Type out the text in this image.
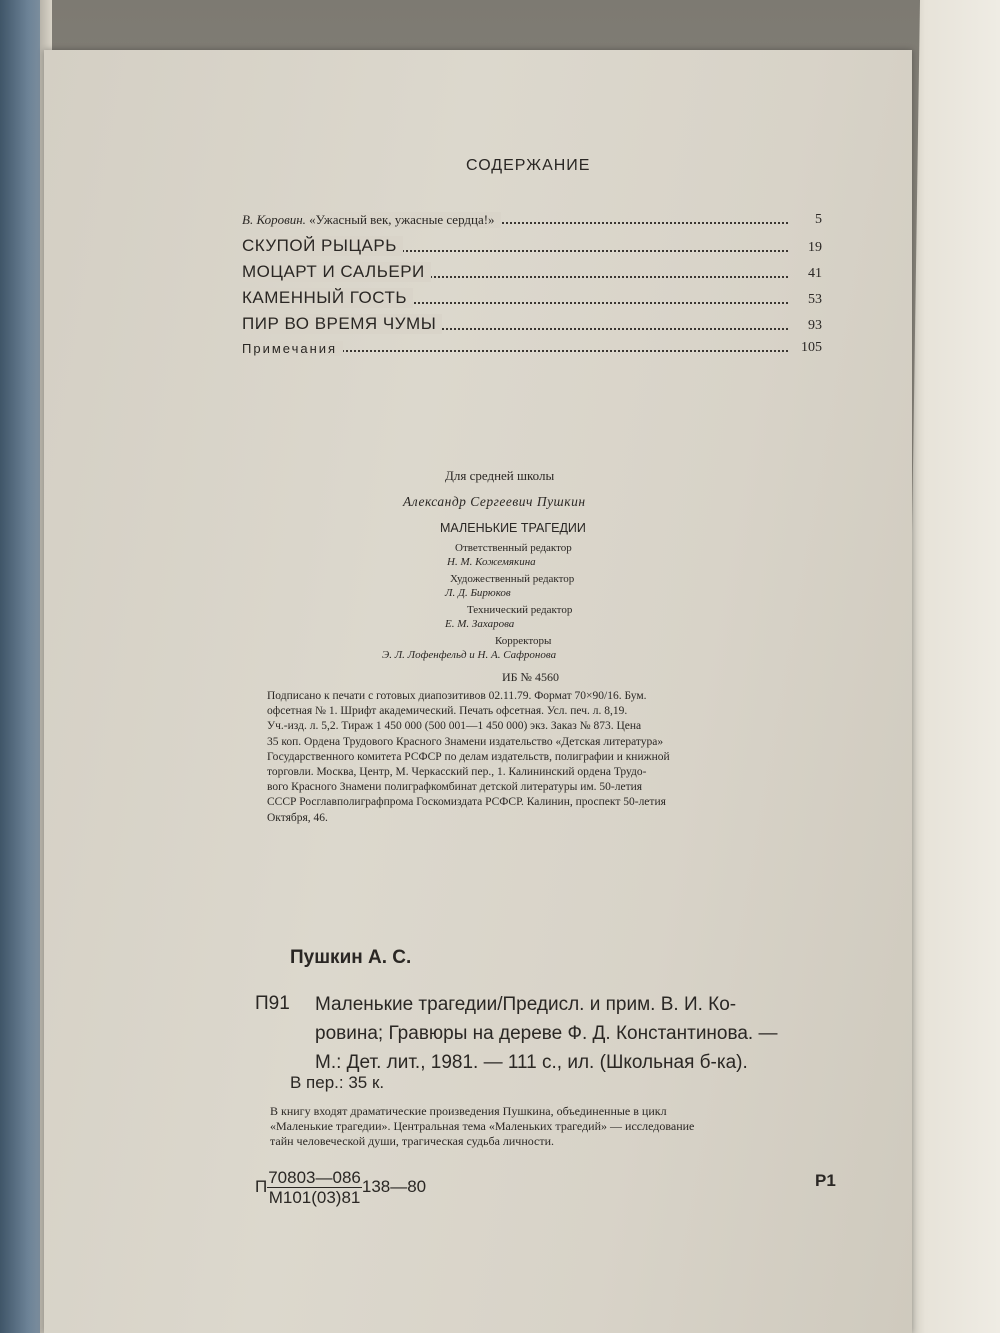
СОДЕРЖАНИЕ
В. Коровин. «Ужасный век, ужасные сердца!»	5
СКУПОЙ РЫЦАРЬ	19
МОЦАРТ И САЛЬЕРИ	41
КАМЕННЫЙ ГОСТЬ	53
ПИР ВО ВРЕМЯ ЧУМЫ	93
Примечания	105
Для средней школы
Александр Сергеевич Пушкин
МАЛЕНЬКИЕ ТРАГЕДИИ
Ответственный редактор
Н. М. Кожемякина
Художественный редактор
Л. Д. Бирюков
Технический редактор
Е. М. Захарова
Корректоры
Э. Л. Лофенфельд и Н. А. Сафронова
ИБ № 4560
Подписано к печати с готовых диапозитивов 02.11.79. Формат 70×90/16. Бум.
офсетная № 1. Шрифт академический. Печать офсетная. Усл. печ. л. 8,19.
Уч.-изд. л. 5,2. Тираж 1 450 000 (500 001—1 450 000) экз. Заказ № 873. Цена
35 коп. Ордена Трудового Красного Знамени издательство «Детская литература»
Государственного комитета РСФСР по делам издательств, полиграфии и книжной
торговли. Москва, Центр, М. Черкасский пер., 1. Калининский ордена Трудо-
вого Красного Знамени полиграфкомбинат детской литературы им. 50-летия
СССР Росглавполиграфпрома Госкомиздата РСФСР. Калинин, проспект 50-летия
Октября, 46.
Пушкин А. С.
П91 Маленькие трагедии/Предисл. и прим. В. И. Ко-
ровина; Гравюры на дереве Ф. Д. Константинова. —
М.: Дет. лит., 1981. — 111 с., ил. (Школьная б-ка).
В пер.: 35 к.
В книгу входят драматические произведения Пушкина, объединенные в цикл
«Маленькие трагедии». Центральная тема «Маленьких трагедий» — исследование
тайн человеческой души, трагическая судьба личности.
П $\frac{70803—086}{М101(03)81}$ 138—80	Р1
